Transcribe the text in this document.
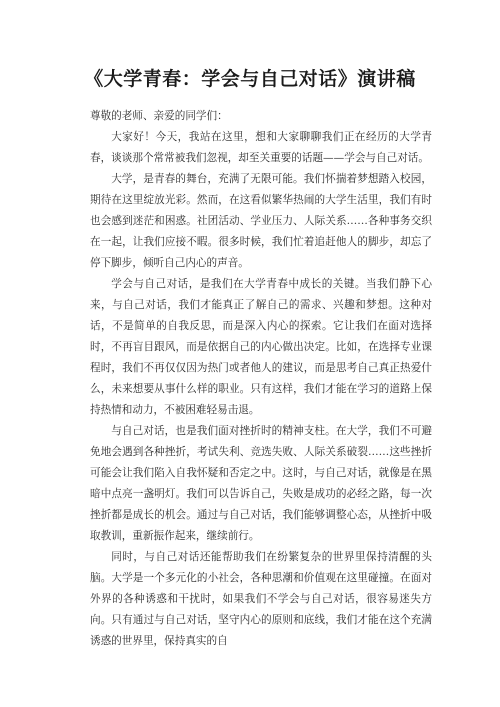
《大学青春：学会与自己对话》演讲稿

尊敬的老师、亲爱的同学们：

大家好！今天，我站在这里，想和大家聊聊我们正在经历的大学青春，谈谈那个常常被我们忽视，却至关重要的话题——学会与自己对话。

大学，是青春的舞台，充满了无限可能。我们怀揣着梦想踏入校园，期待在这里绽放光彩。然而，在这看似繁华热闹的大学生活里，我们有时也会感到迷茫和困惑。社团活动、学业压力、人际关系……各种事务交织在一起，让我们应接不暇。很多时候，我们忙着追赶他人的脚步，却忘了停下脚步，倾听自己内心的声音。

学会与自己对话，是我们在大学青春中成长的关键。当我们静下心来，与自己对话，我们才能真正了解自己的需求、兴趣和梦想。这种对话，不是简单的自我反思，而是深入内心的探索。它让我们在面对选择时，不再盲目跟风，而是依据自己的内心做出决定。比如，在选择专业课程时，我们不再仅仅因为热门或者他人的建议，而是思考自己真正热爱什么，未来想要从事什么样的职业。只有这样，我们才能在学习的道路上保持热情和动力，不被困难轻易击退。

与自己对话，也是我们面对挫折时的精神支柱。在大学，我们不可避免地会遇到各种挫折，考试失利、竞选失败、人际关系破裂……这些挫折可能会让我们陷入自我怀疑和否定之中。这时，与自己对话，就像是在黑暗中点亮一盏明灯。我们可以告诉自己，失败是成功的必经之路，每一次挫折都是成长的机会。通过与自己对话，我们能够调整心态，从挫折中吸取教训，重新振作起来，继续前行。

同时，与自己对话还能帮助我们在纷繁复杂的世界里保持清醒的头脑。大学是一个多元化的小社会，各种思潮和价值观在这里碰撞。在面对外界的各种诱惑和干扰时，如果我们不学会与自己对话，很容易迷失方向。只有通过与自己对话，坚守内心的原则和底线，我们才能在这个充满诱惑的世界里，保持真实的自
